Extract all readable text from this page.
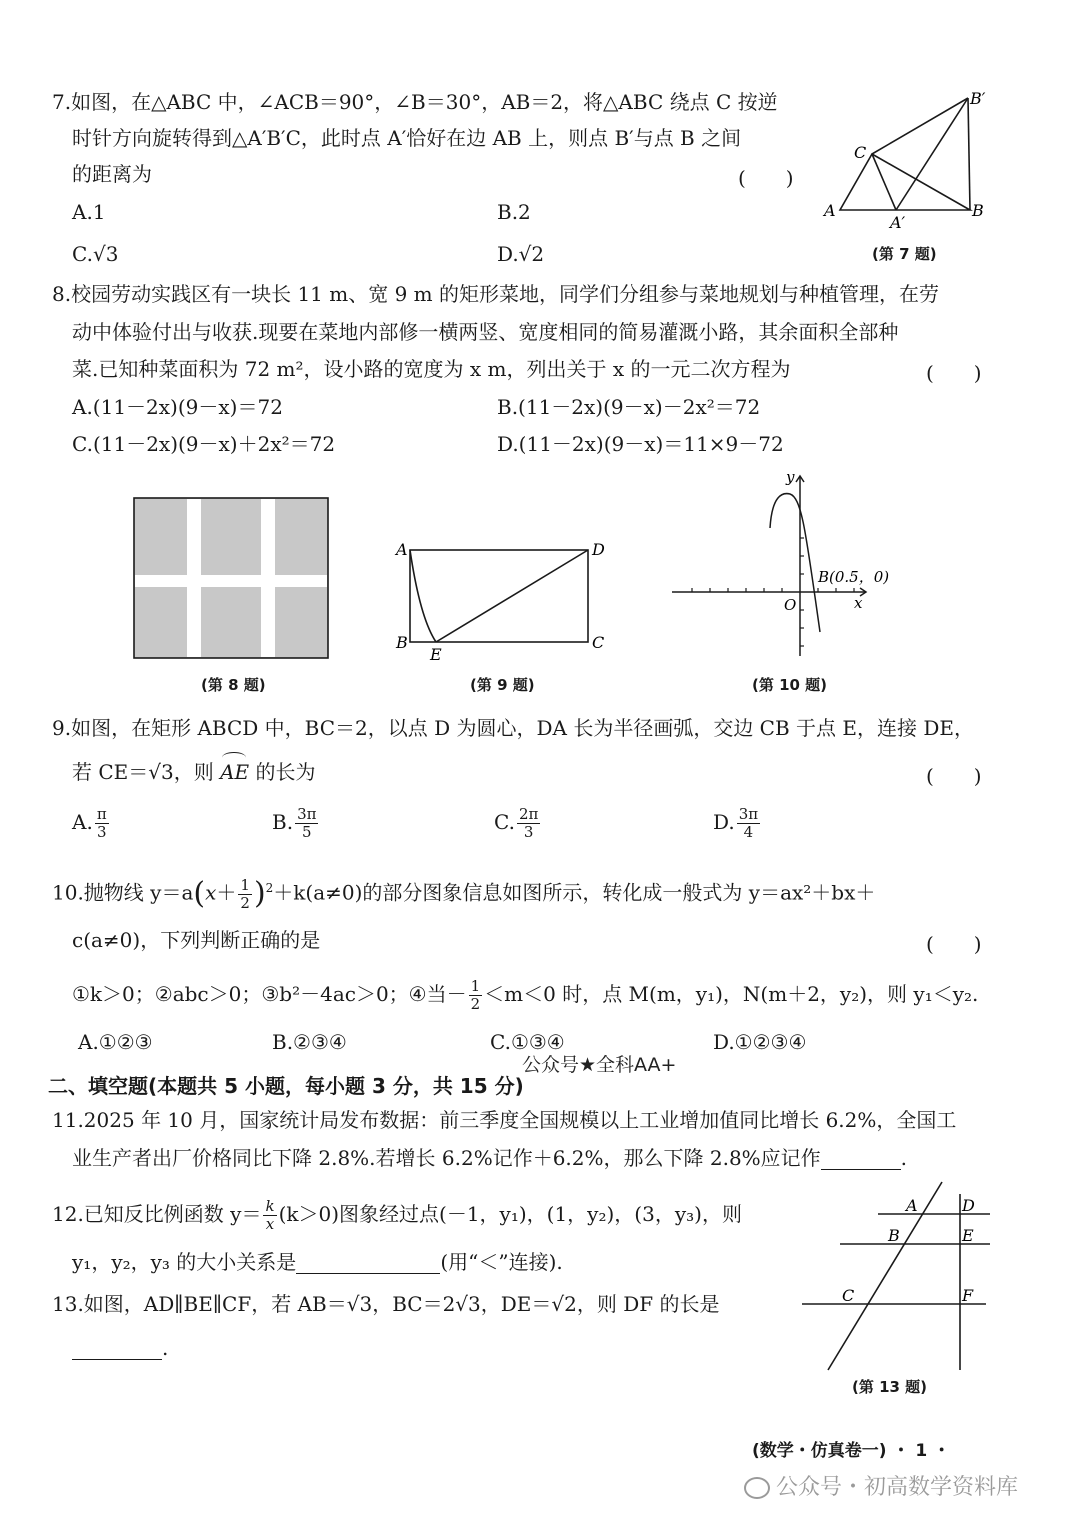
7.如图，在△ABC 中，∠ACB＝90°，∠B＝30°，AB＝2，将△ABC 绕点 C 按逆
时针方向旋转得到△A′B′C，此时点 A′恰好在边 AB 上，则点 B′与点 B 之间
的距离为	(　　)
A.1	B.2
C.√3	D.√2
A	B
C
A′
B′
(第 7 题)
8.校园劳动实践区有一块长 11 m、宽 9 m 的矩形菜地，同学们分组参与菜地规划与种植管理，在劳
动中体验付出与收获.现要在菜地内部修一横两竖、宽度相同的简易灌溉小路，其余面积全部种
菜.已知种菜面积为 72 m²，设小路的宽度为 x m，列出关于 x 的一元二次方程为	(　　)
A.(11－2x)(9－x)＝72	B.(11－2x)(9－x)－2x²＝72
C.(11－2x)(9－x)＋2x²＝72	D.(11－2x)(9－x)＝11×9－72
(第 8 题)
A
B	C
D
E
(第 9 题)
y
x
O
B(0.5，0)
(第 10 题)
9.如图，在矩形 ABCD 中，BC＝2，以点 D 为圆心，DA 长为半径画弧，交边 CB 于点 E，连接 DE，
若 CE＝√3，则
AE 的长为	(　　)
A. $\frac{\pi}{3}$	B. $\frac{3\pi}{5}$	C. $\frac{2\pi}{3}$	D. $\frac{3\pi}{4}$
10.抛物线 $y=a(x+ \frac{1}{2} )^2+k(a\ne 0)$的部分图象信息如图所示，转化成一般式为 y＝ax²＋bx＋
c(a≠0)，下列判断正确的是	(　　)
①k＞0；②abc＞0；③b²－4ac＞0；④当－ $\frac{1}{2} <m<0$ 时，点 M(m，y₁)，N(m＋2，y₂)，则 y₁＜y₂.
A.①②③	B.②③④	C.①③④	D.①②③④
公众号★全科AA+
二、填空题(本题共 5 小题，每小题 3 分，共 15 分)
11.2025 年 10 月，国家统计局发布数据：前三季度全国规模以上工业增加值同比增长 6.2%，全国工
业生产者出厂价格同比下降 2.8%.若增长 6.2%记作＋6.2%，那么下降 2.8%应记作	.
12.已知反比例函数 $y= \frac{k}{x} (k>0)$图象经过点(－1，y₁)，(1，y₂)，(3，y₃)，则
y₁，y₂，y₃ 的大小关系是	(用“＜”连接).
13.如图，AD∥BE∥CF，若 AB＝√3，BC＝2√3，DE＝√2，则 DF 的长是
.
A
B
C
D
E
F
(第 13 题)
(数学・仿真卷一) ・ 1 ・
公众号・初高数学资料库
